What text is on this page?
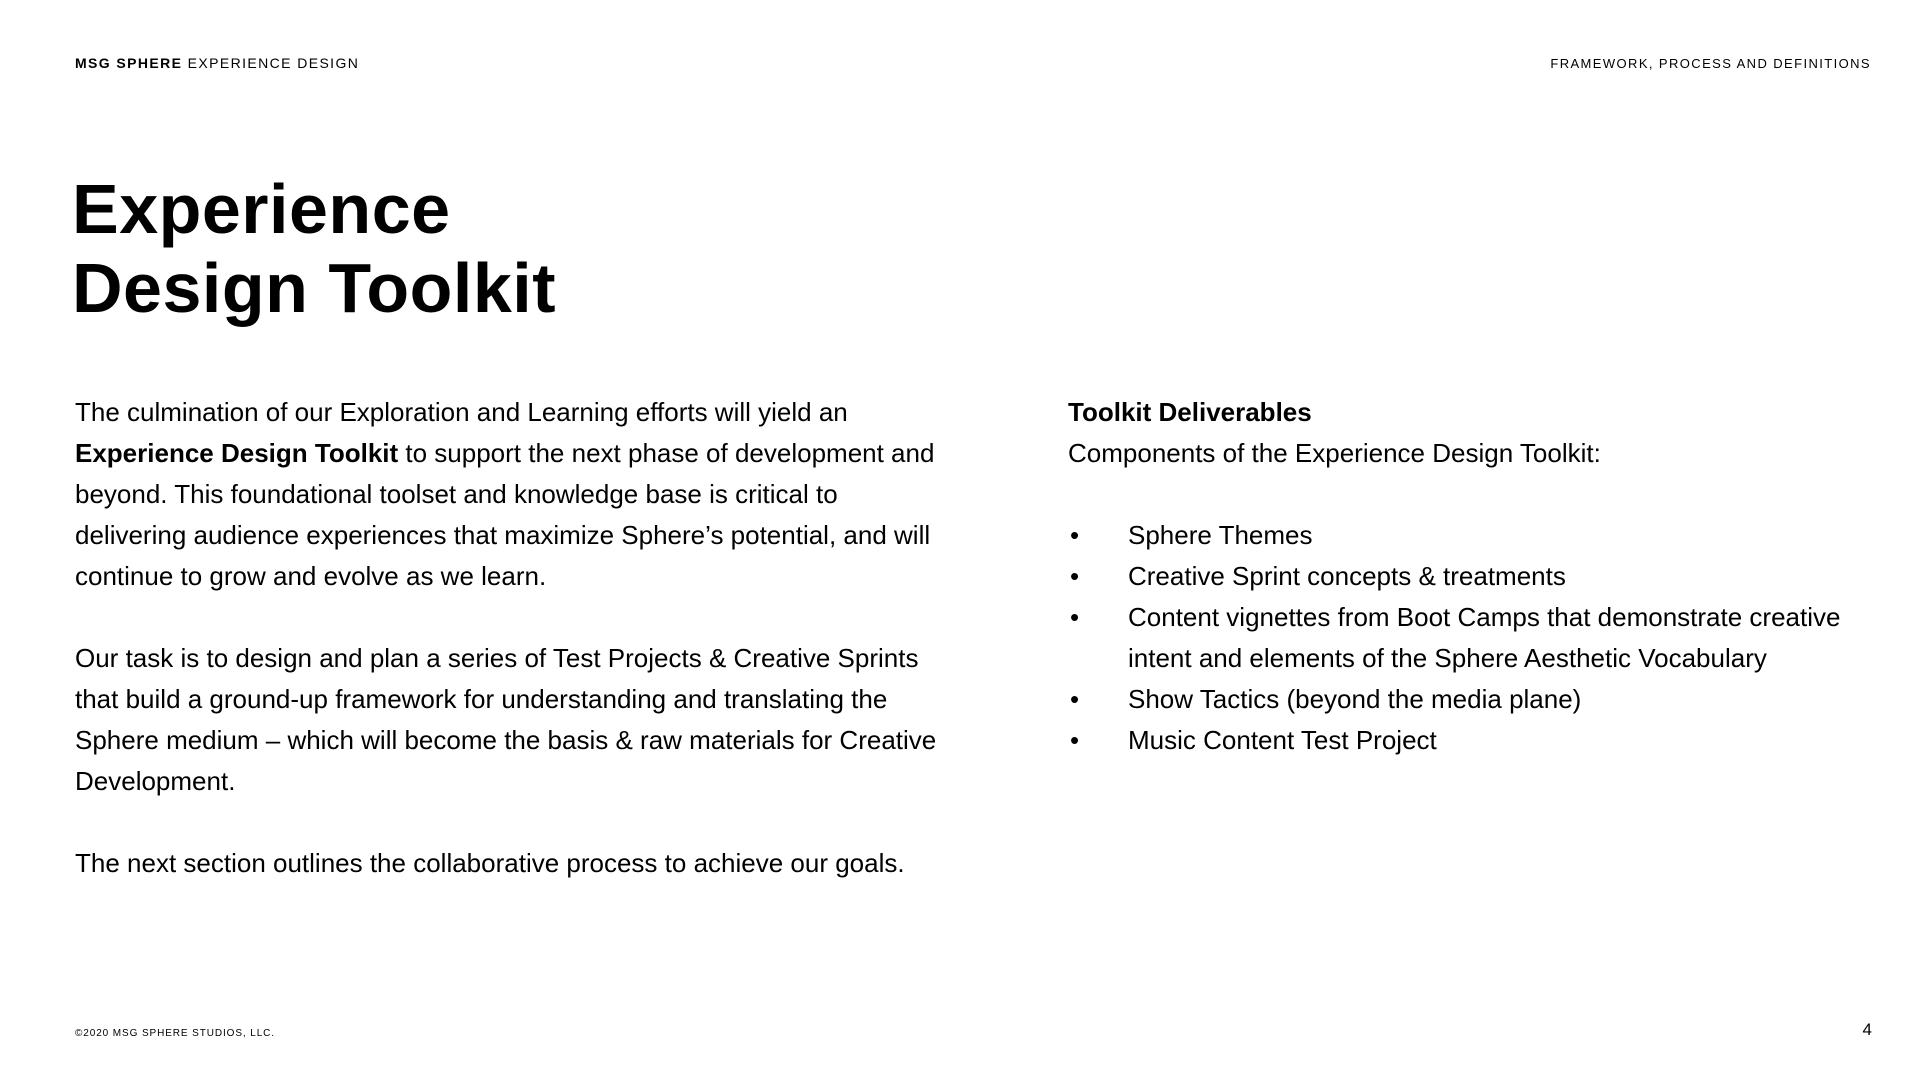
MSG SPHERE EXPERIENCE DESIGN	FRAMEWORK, PROCESS AND DEFINITIONS
Experience
Design Toolkit

The culmination of our Exploration and Learning efforts will yield an Experience Design Toolkit to support the next phase of development and beyond. This foundational toolset and knowledge base is critical to delivering audience experiences that maximize Sphere’s potential, and will continue to grow and evolve as we learn.

Our task is to design and plan a series of Test Projects & Creative Sprints that build a ground-up framework for understanding and translating the Sphere medium – which will become the basis & raw materials for Creative Development.

The next section outlines the collaborative process to achieve our goals.

Toolkit Deliverables
Components of the Experience Design Toolkit:
• Sphere Themes
• Creative Sprint concepts & treatments
• Content vignettes from Boot Camps that demonstrate creative intent and elements of the Sphere Aesthetic Vocabulary
• Show Tactics (beyond the media plane)
• Music Content Test Project
©2020 MSG SPHERE STUDIOS, LLC.	4
